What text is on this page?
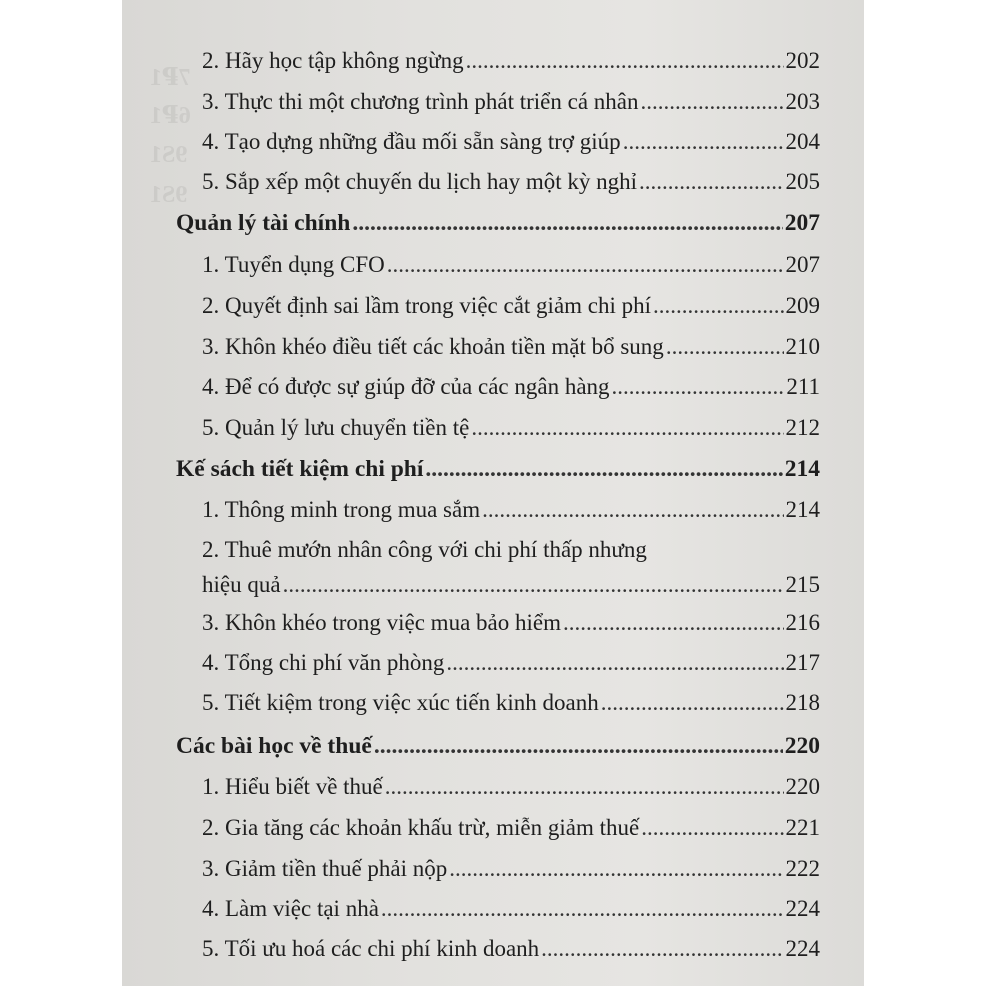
7₽1
6₽1
9S1
9S1
2. Hãy học tập không ngừng .....	202
3. Thực thi một chương trình phát triển cá nhân .....	203
4. Tạo dựng những đầu mối sẵn sàng trợ giúp .....	204
5. Sắp xếp một chuyến du lịch hay một kỳ nghỉ .....	205
Quản lý tài chính .....	207
1. Tuyển dụng CFO .....	207
2. Quyết định sai lầm trong việc cắt giảm chi phí .....	209
3. Khôn khéo điều tiết các khoản tiền mặt bổ sung .....	210
4. Để có được sự giúp đỡ của các ngân hàng .....	211
5. Quản lý lưu chuyển tiền tệ .....	212
Kế sách tiết kiệm chi phí .....	214
1. Thông minh trong mua sắm .....	214
2. Thuê mướn nhân công với chi phí thấp nhưng
hiệu quả .....	215
3. Khôn khéo trong việc mua bảo hiểm .....	216
4. Tổng chi phí văn phòng .....	217
5. Tiết kiệm trong việc xúc tiến kinh doanh .....	218
Các bài học về thuế .....	220
1. Hiểu biết về thuế .....	220
2. Gia tăng các khoản khấu trừ, miễn giảm thuế .....	221
3. Giảm tiền thuế phải nộp .....	222
4. Làm việc tại nhà .....	224
5. Tối ưu hoá các chi phí kinh doanh .....	224
